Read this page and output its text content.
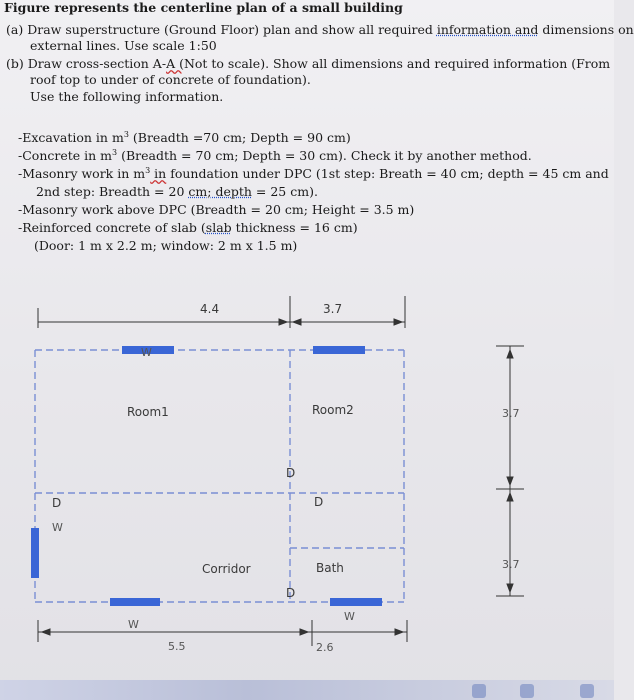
Figure represents the centerline plan of a small building
(a) Draw superstructure (Ground Floor) plan and show all required information and dimensions on
external lines. Use scale 1:50
(b) Draw cross-section A-A (Not to scale). Show all dimensions and required information (From
roof top to under of concrete of foundation).
Use the following information.
-Excavation in $m^3$ (Breadth =70 cm; Depth = 90 cm)
-Concrete in $m^3$ (Breadth = 70 cm; Depth = 30 cm). Check it by another method.
-Masonry work in $m^3$ in foundation under DPC (1st step: Breath = 40 cm; depth = 45 cm and
2nd step: Breadth = 20 cm; depth = 25 cm).
-Masonry work above DPC (Breadth = 20 cm; Height = 3.5 m)
-Reinforced concrete of slab (slab thickness = 16 cm)
(Door: 1 m x 2.2 m; window: 2 m x 1.5 m)
4.4	3.7
3.7
3.7
5.5	2.6
Room1	Room2
Corridor	Bath
W
W
W
W
D
D
D
D
